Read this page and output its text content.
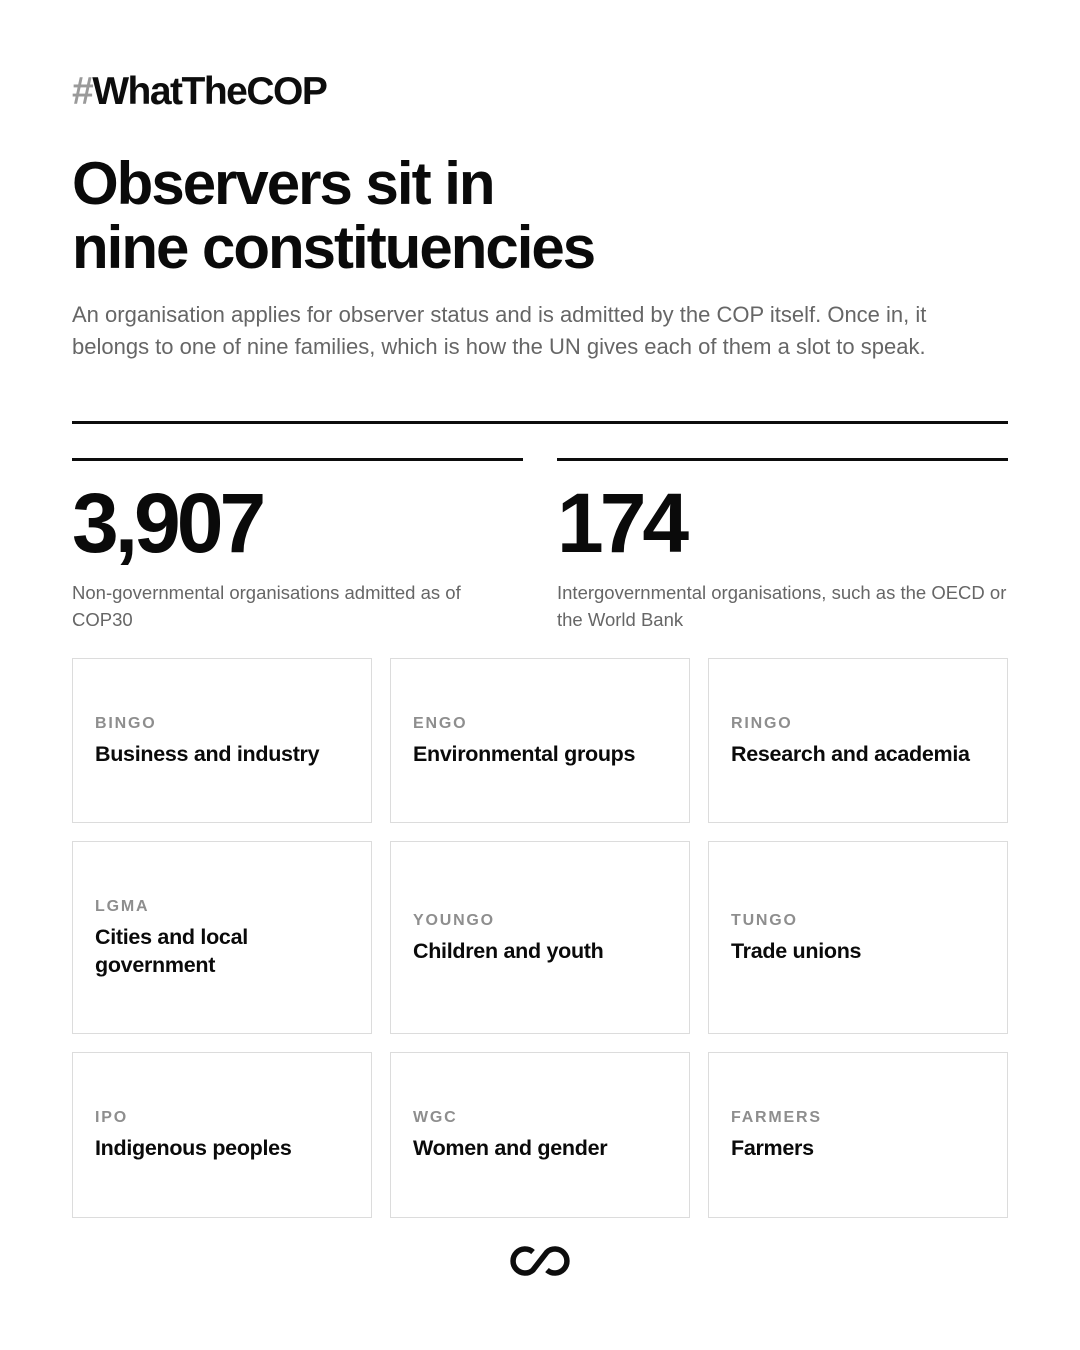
#WhatTheCOP
Observers sit in
nine constituencies

An organisation applies for observer status and is admitted by the COP itself. Once in, it belongs to one of nine families, which is how the UN gives each of them a slot to speak.

3,907
Non-governmental organisations admitted as of COP30
174
Intergovernmental organisations, such as the OECD or the World Bank
BINGO
Business and industry
ENGO
Environmental groups
RINGO
Research and academia
LGMA
Cities and local government
YOUNGO
Children and youth
TUNGO
Trade unions
IPO
Indigenous peoples
WGC
Women and gender
FARMERS
Farmers
